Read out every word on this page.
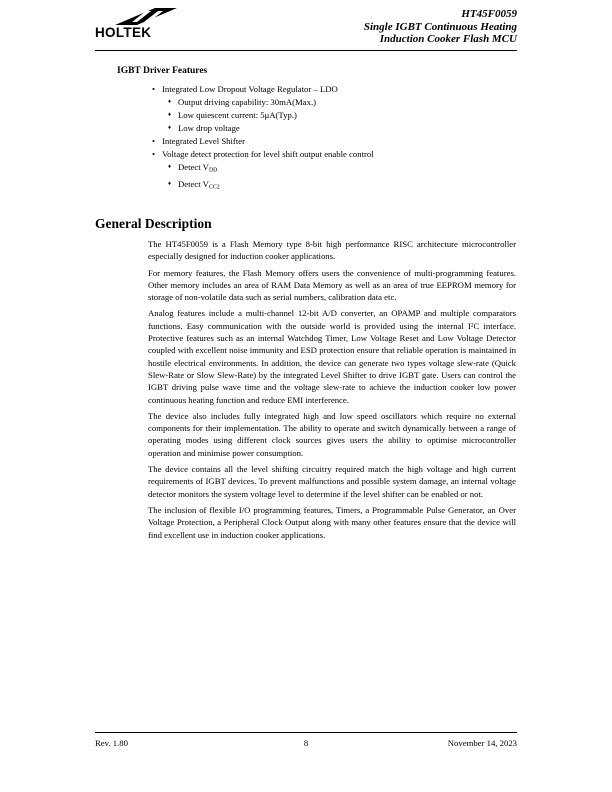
HOLTEK
HT45F0059
Single IGBT Continuous Heating
Induction Cooker Flash MCU
IGBT Driver Features
• Integrated Low Dropout Voltage Regulator – LDO
♦ Output driving capability: 30mA(Max.)
♦ Low quiescent current: 5μA(Typ.)
♦ Low drop voltage
• Integrated Level Shifter
• Voltage detect protection for level shift output enable control
♦ Detect $V_{DD}$
♦ Detect $V_{CC2}$
General Description

The HT45F0059 is a Flash Memory type 8-bit high performance RISC architecture microcontroller especially designed for induction cooker applications.

For memory features, the Flash Memory offers users the convenience of multi-programming features. Other memory includes an area of RAM Data Memory as well as an area of true EEPROM memory for storage of non-volatile data such as serial numbers, calibration data etc.

Analog features include a multi-channel 12-bit A/D converter, an OPAMP and multiple comparators functions. Easy communication with the outside world is provided using the internal I²C interface. Protective features such as an internal Watchdog Timer, Low Voltage Reset and Low Voltage Detector coupled with excellent noise immunity and ESD protection ensure that reliable operation is maintained in hostile electrical environments. In addition, the device can generate two types voltage slew-rate (Quick Slew-Rate or Slow Slew-Rate) by the integrated Level Shifter to drive IGBT gate. Users can control the IGBT driving pulse wave time and the voltage slew-rate to achieve the induction cooker low power continuous heating function and reduce EMI interference.

The device also includes fully integrated high and low speed oscillators which require no external components for their implementation. The ability to operate and switch dynamically between a range of operating modes using different clock sources gives users the ability to optimise microcontroller operation and minimise power consumption.

The device contains all the level shifting circuitry required match the high voltage and high current requirements of IGBT devices. To prevent malfunctions and possible system damage, an internal voltage detector monitors the system voltage level to determine if the level shifter can be enabled or not.

The inclusion of flexible I/O programming features, Timers, a Programmable Pulse Generator, an Over Voltage Protection, a Peripheral Clock Output along with many other features ensure that the device will find excellent use in induction cooker applications.

Rev. 1.80	8	November 14, 2023
